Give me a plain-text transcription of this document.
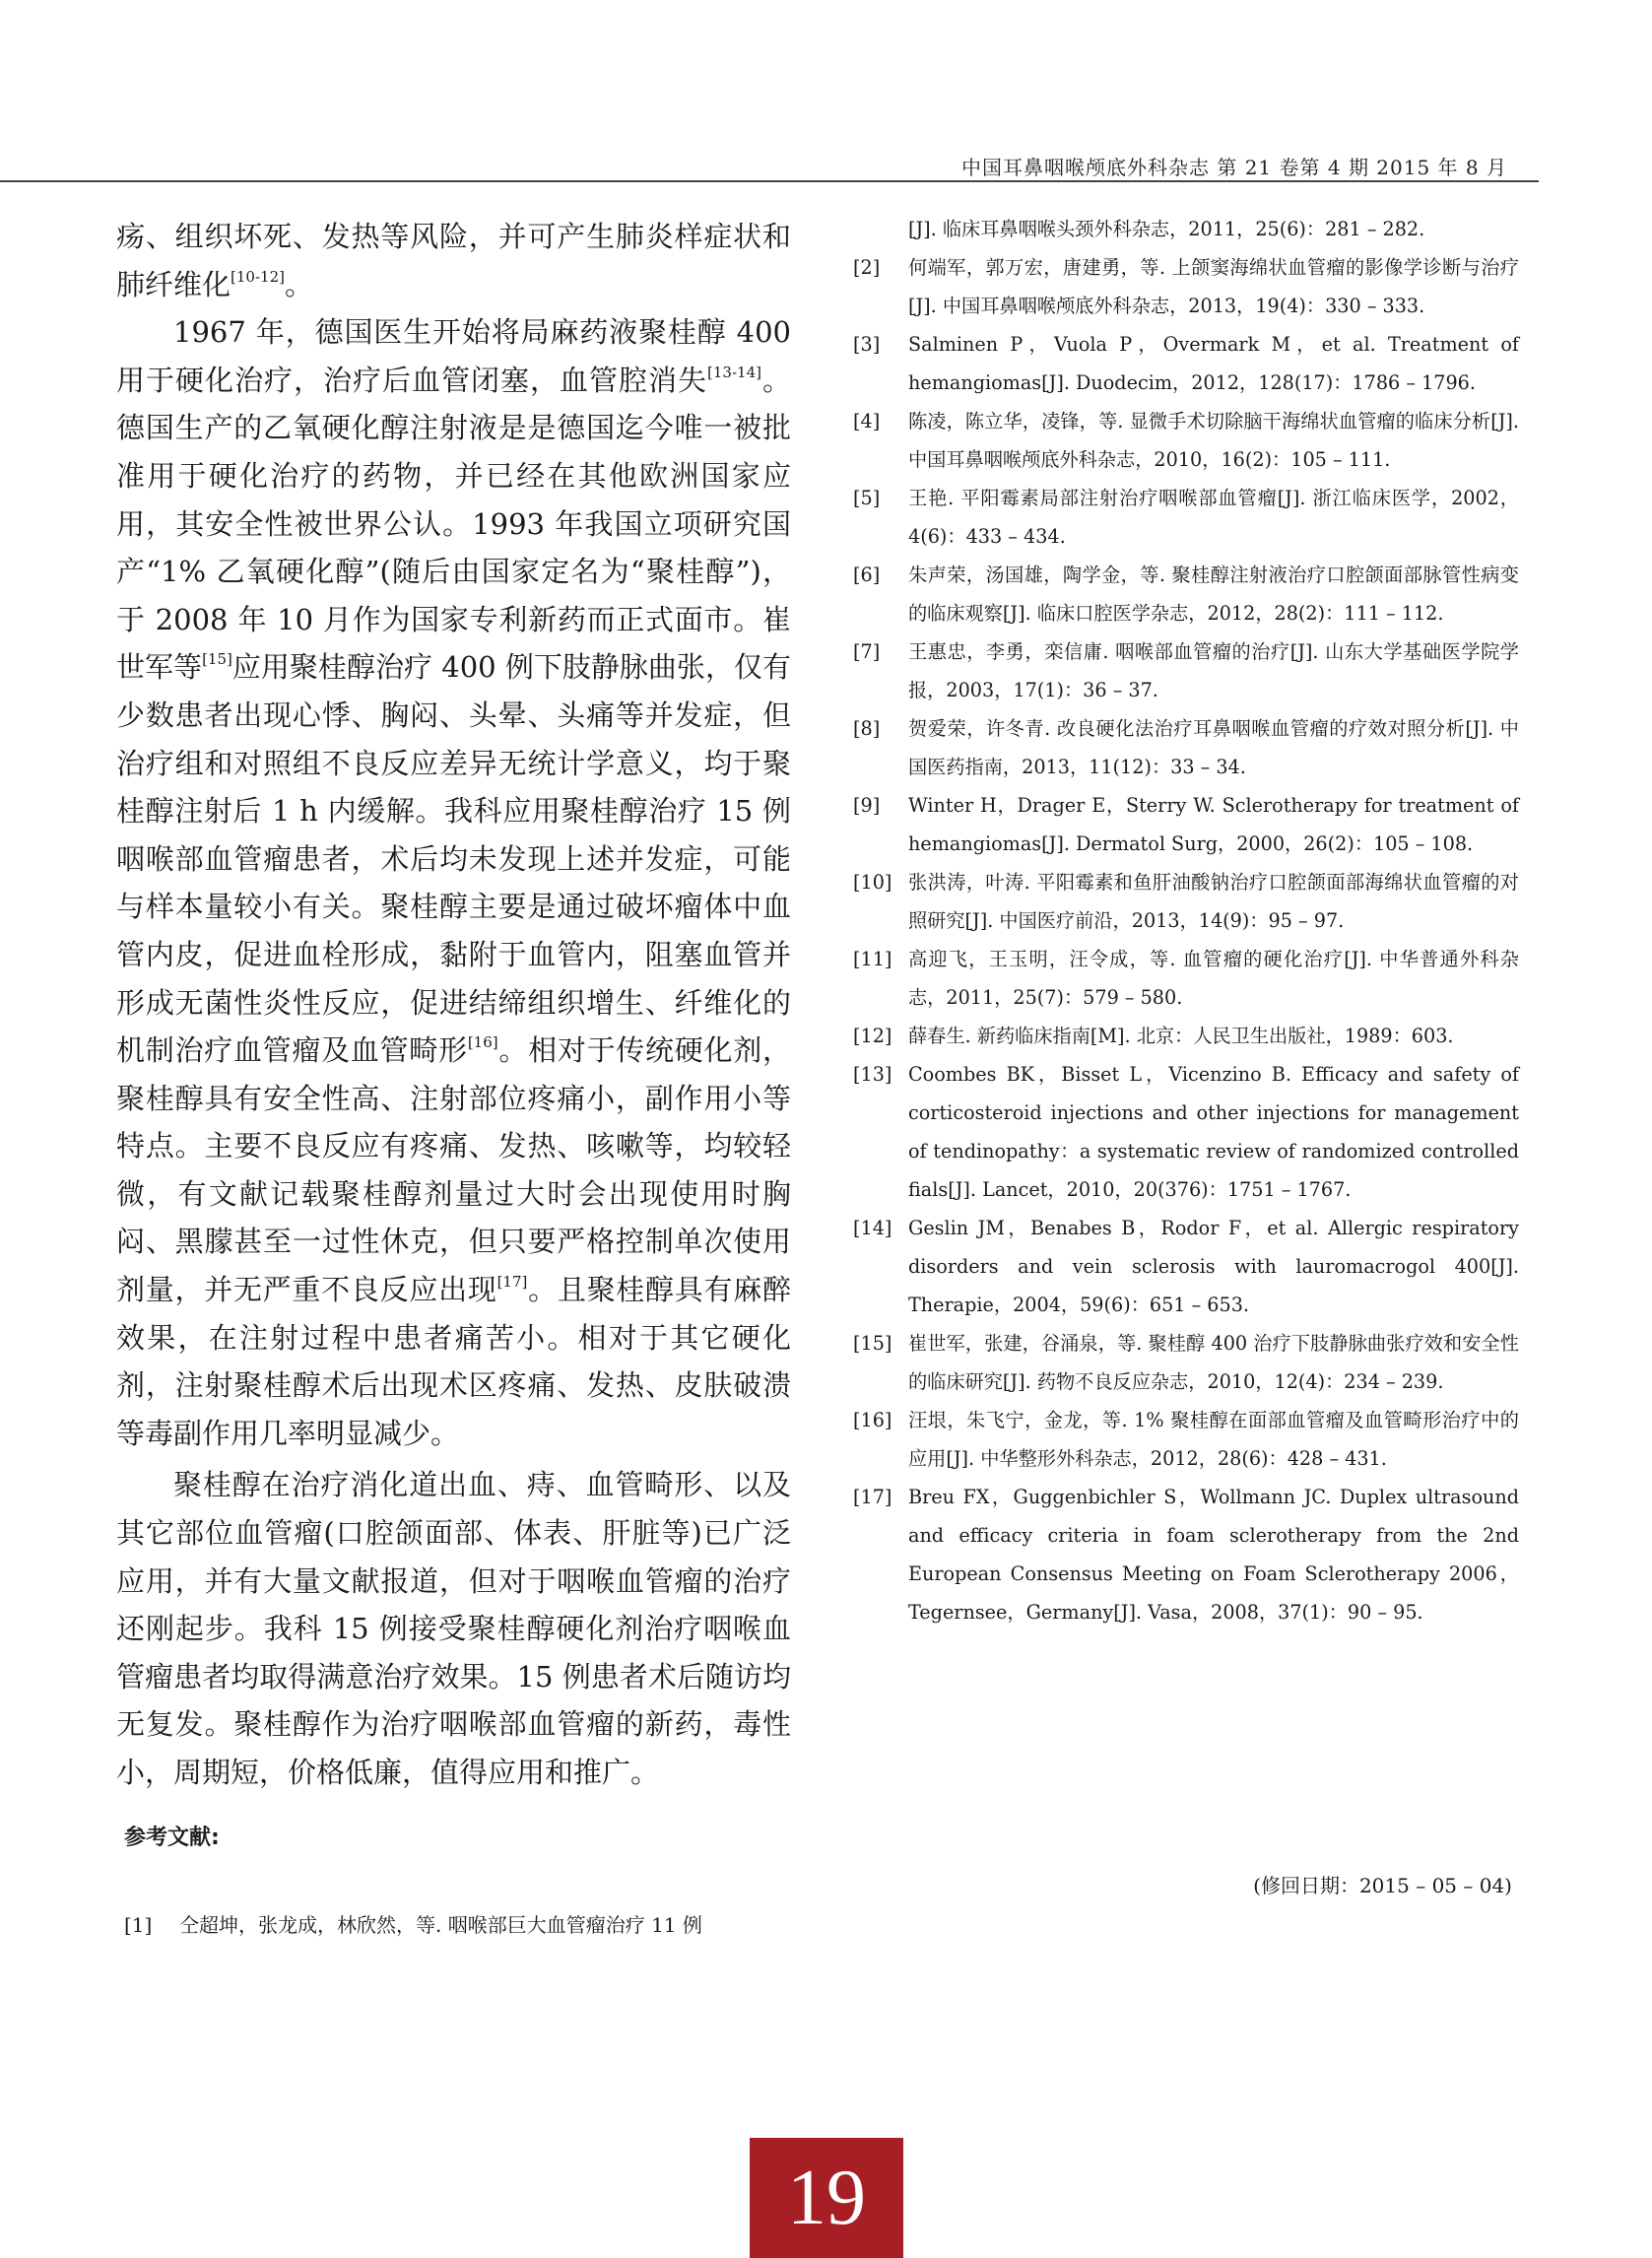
中国耳鼻咽喉颅底外科杂志 第 21 卷第 4 期 2015 年 8 月

疡、组织坏死、发热等风险，并可产生肺炎样症状和肺纤维化[10-12]。

1967 年，德国医生开始将局麻药液聚桂醇 400 用于硬化治疗，治疗后血管闭塞，血管腔消失[13-14]。德国生产的乙氧硬化醇注射液是是德国迄今唯一被批准用于硬化治疗的药物，并已经在其他欧洲国家应用，其安全性被世界公认。1993 年我国立项研究国产“1% 乙氧硬化醇”(随后由国家定名为“聚桂醇”)，于 2008 年 10 月作为国家专利新药而正式面市。崔世军等[15]应用聚桂醇治疗 400 例下肢静脉曲张，仅有少数患者出现心悸、胸闷、头晕、头痛等并发症，但治疗组和对照组不良反应差异无统计学意义，均于聚桂醇注射后 1 h 内缓解。我科应用聚桂醇治疗 15 例咽喉部血管瘤患者，术后均未发现上述并发症，可能与样本量较小有关。聚桂醇主要是通过破坏瘤体中血管内皮，促进血栓形成，黏附于血管内，阻塞血管并形成无菌性炎性反应，促进结缔组织增生、纤维化的机制治疗血管瘤及血管畸形[16]。相对于传统硬化剂，聚桂醇具有安全性高、注射部位疼痛小，副作用小等特点。主要不良反应有疼痛、发热、咳嗽等，均较轻微，有文献记载聚桂醇剂量过大时会出现使用时胸闷、黑朦甚至一过性休克，但只要严格控制单次使用剂量，并无严重不良反应出现[17]。且聚桂醇具有麻醉效果，在注射过程中患者痛苦小。相对于其它硬化剂，注射聚桂醇术后出现术区疼痛、发热、皮肤破溃等毒副作用几率明显减少。

聚桂醇在治疗消化道出血、痔、血管畸形、以及其它部位血管瘤(口腔颌面部、体表、肝脏等)已广泛应用，并有大量文献报道，但对于咽喉血管瘤的治疗还刚起步。我科 15 例接受聚桂醇硬化剂治疗咽喉血管瘤患者均取得满意治疗效果。15 例患者术后随访均无复发。聚桂醇作为治疗咽喉部血管瘤的新药，毒性小，周期短，价格低廉，值得应用和推广。

参考文献:
[1]	仝超坤，张龙成，林欣然，等. 咽喉部巨大血管瘤治疗 11 例
[J]. 临床耳鼻咽喉头颈外科杂志，2011，25(6)：281 – 282.
[2]	何端军，郭万宏，唐建勇，等. 上颌窦海绵状血管瘤的影像学诊断与治疗[J]. 中国耳鼻咽喉颅底外科杂志，2013，19(4)：330 – 333.
[3]	Salminen P，Vuola P，Overmark M，et al. Treatment of hemangiomas[J]. Duodecim，2012，128(17)：1786 – 1796.
[4]	陈凌，陈立华，凌锋，等. 显微手术切除脑干海绵状血管瘤的临床分析[J]. 中国耳鼻咽喉颅底外科杂志，2010，16(2)：105 – 111.
[5]	王艳. 平阳霉素局部注射治疗咽喉部血管瘤[J]. 浙江临床医学，2002，4(6)：433 – 434.
[6]	朱声荣，汤国雄，陶学金，等. 聚桂醇注射液治疗口腔颌面部脉管性病变的临床观察[J]. 临床口腔医学杂志，2012，28(2)：111 – 112.
[7]	王惠忠，李勇，栾信庸. 咽喉部血管瘤的治疗[J]. 山东大学基础医学院学报，2003，17(1)：36 – 37.
[8]	贺爱荣，许冬青. 改良硬化法治疗耳鼻咽喉血管瘤的疗效对照分析[J]. 中国医药指南，2013，11(12)：33 – 34.
[9]	Winter H，Drager E，Sterry W. Sclerotherapy for treatment of hemangiomas[J]. Dermatol Surg，2000，26(2)：105 – 108.
[10] 张洪涛，叶涛. 平阳霉素和鱼肝油酸钠治疗口腔颌面部海绵状血管瘤的对照研究[J]. 中国医疗前沿，2013，14(9)：95 – 97.
[11] 高迎飞，王玉明，汪令成，等. 血管瘤的硬化治疗[J]. 中华普通外科杂志，2011，25(7)：579 – 580.
[12] 薛春生. 新药临床指南[M]. 北京：人民卫生出版社，1989：603.
[13] Coombes BK，Bisset L，Vicenzino B. Efficacy and safety of corticosteroid injections and other injections for management of tendinopathy：a systematic review of randomized controlled fials[J]. Lancet，2010，20(376)：1751 – 1767.
[14] Geslin JM，Benabes B，Rodor F，et al. Allergic respiratory disorders and vein sclerosis with lauromacrogol 400[J]. Therapie，2004，59(6)：651 – 653.
[15] 崔世军，张建，谷涌泉，等. 聚桂醇 400 治疗下肢静脉曲张疗效和安全性的临床研究[J]. 药物不良反应杂志，2010，12(4)：234 – 239.
[16] 汪垠，朱飞宁，金龙，等. 1% 聚桂醇在面部血管瘤及血管畸形治疗中的应用[J]. 中华整形外科杂志，2012，28(6)：428 – 431.
[17] Breu FX，Guggenbichler S，Wollmann JC. Duplex ultrasound and efficacy criteria in foam sclerotherapy from the 2nd European Consensus Meeting on Foam Sclerotherapy 2006，Tegernsee，Germany[J]. Vasa，2008，37(1)：90 – 95.
(修回日期：2015 – 05 – 04)
19
